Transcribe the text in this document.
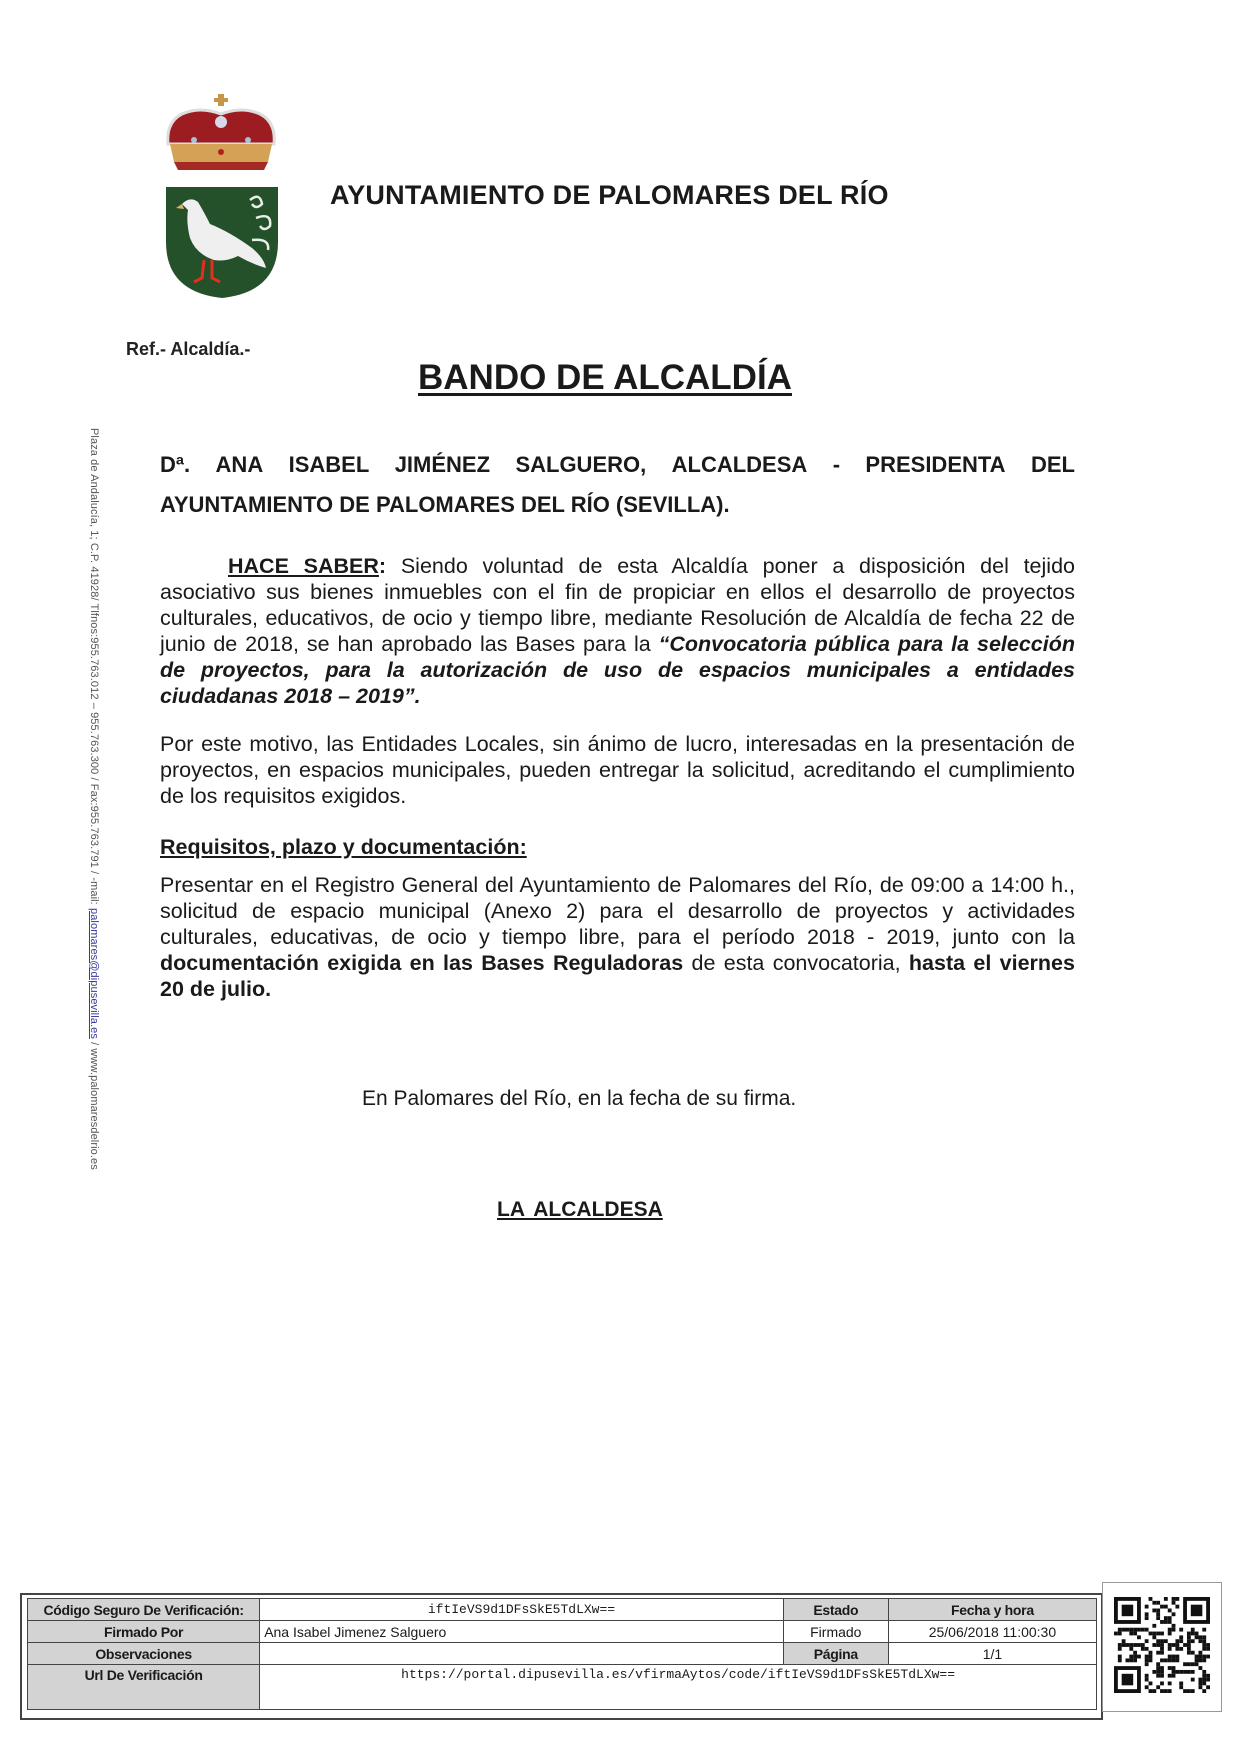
AYUNTAMIENTO DE PALOMARES DEL RÍO
Ref.- Alcaldía.-
BANDO DE ALCALDÍA
Plaza de Andalucía, 1; C.P. 41928/ Tlfnos:955.763.012 – 955.763.300 / Fax:955.763.791 / -mail: palomares@dipusevilla.es / www.palomaresdelrio.es
Dª. ANA ISABEL JIMÉNEZ SALGUERO, ALCALDESA - PRESIDENTA DEL
AYUNTAMIENTO DE PALOMARES DEL RÍO (SEVILLA).
HACE SABER: Siendo voluntad de esta Alcaldía poner a disposición del tejido asociativo sus bienes inmuebles con el fin de propiciar en ellos el desarrollo de proyectos culturales, educativos, de ocio y tiempo libre, mediante Resolución de Alcaldía de fecha 22 de junio de 2018, se han aprobado las Bases para la “Convocatoria pública para la selección de proyectos, para la autorización de uso de espacios municipales a entidades ciudadanas 2018 – 2019”.
Por este motivo, las Entidades Locales, sin ánimo de lucro, interesadas en la presentación de proyectos, en espacios municipales, pueden entregar la solicitud, acreditando el cumplimiento de los requisitos exigidos.
Requisitos, plazo y documentación:
Presentar en el Registro General del Ayuntamiento de Palomares del Río, de 09:00 a 14:00 h., solicitud de espacio municipal (Anexo 2) para el desarrollo de proyectos y actividades culturales, educativas, de ocio y tiempo libre, para el período 2018 - 2019, junto con la documentación exigida en las Bases Reguladoras de esta convocatoria, hasta el viernes 20 de julio.
En Palomares del Río, en la fecha de su firma.
LA ALCALDESA
Código Seguro De Verificación:	iftIeVS9d1DFsSkE5TdLXw==	Estado	Fecha y hora
Firmado Por	Ana Isabel Jimenez Salguero	Firmado	25/06/2018 11:00:30
Observaciones		Página	1/1
Url De Verificación	https://portal.dipusevilla.es/vfirmaAytos/code/iftIeVS9d1DFsSkE5TdLXw==		
